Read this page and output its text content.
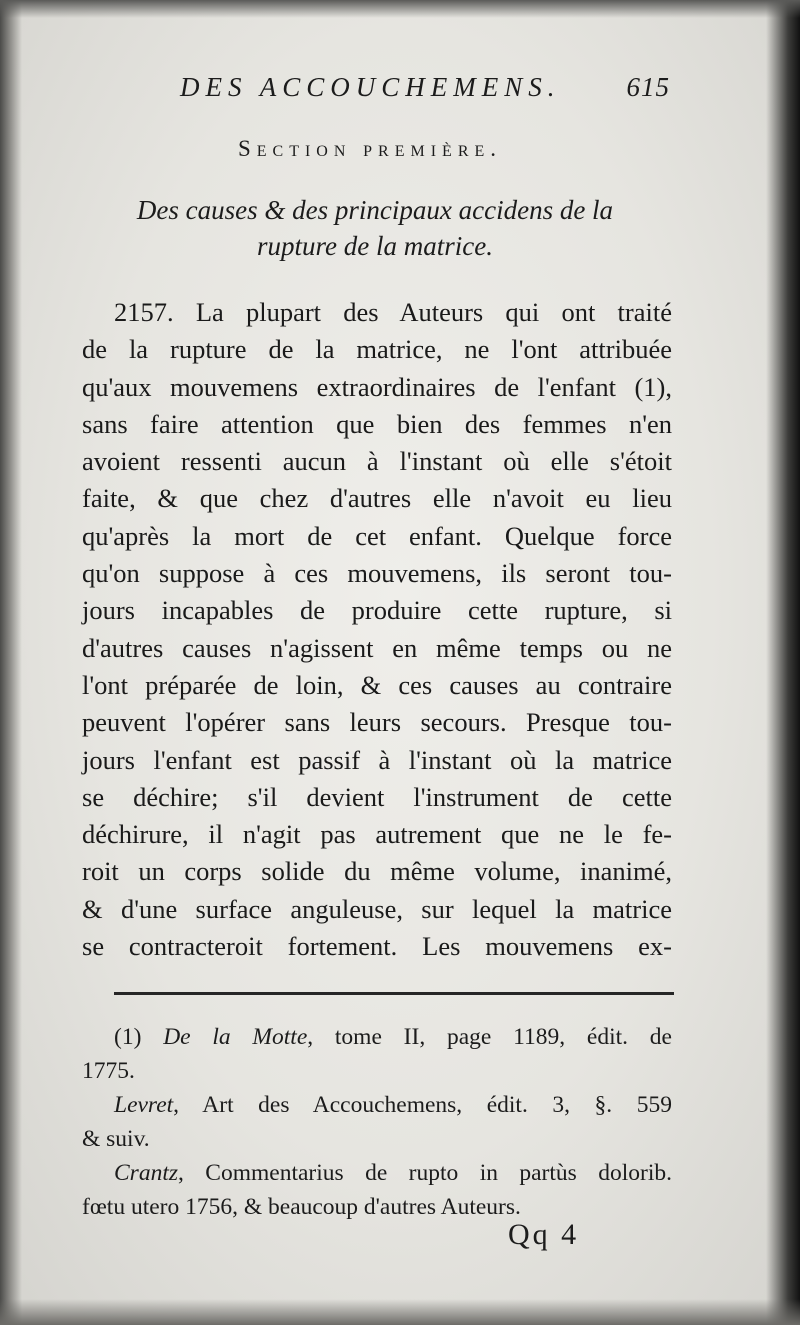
DES ACCOUCHEMENS. 615
Section première.
Des causes & des principaux accidens de la
rupture de la matrice.
2157. La plupart des Auteurs qui ont traité
de la rupture de la matrice, ne l'ont attribuée
qu'aux mouvemens extraordinaires de l'enfant (1),
sans faire attention que bien des femmes n'en
avoient ressenti aucun à l'instant où elle s'étoit
faite, & que chez d'autres elle n'avoit eu lieu
qu'après la mort de cet enfant. Quelque force
qu'on suppose à ces mouvemens, ils seront tou-
jours incapables de produire cette rupture, si
d'autres causes n'agissent en même temps ou ne
l'ont préparée de loin, & ces causes au contraire
peuvent l'opérer sans leurs secours. Presque tou-
jours l'enfant est passif à l'instant où la matrice
se déchire; s'il devient l'instrument de cette
déchirure, il n'agit pas autrement que ne le fe-
roit un corps solide du même volume, inanimé,
& d'une surface anguleuse, sur lequel la matrice
se contracteroit fortement. Les mouvemens ex-
(1) De la Motte, tome II, page 1189, édit. de
1775.
Levret, Art des Accouchemens, édit. 3, §. 559
& suiv.
Crantz, Commentarius de rupto in partùs dolorib.
fœtu utero 1756, & beaucoup d'autres Auteurs.
Qq 4
